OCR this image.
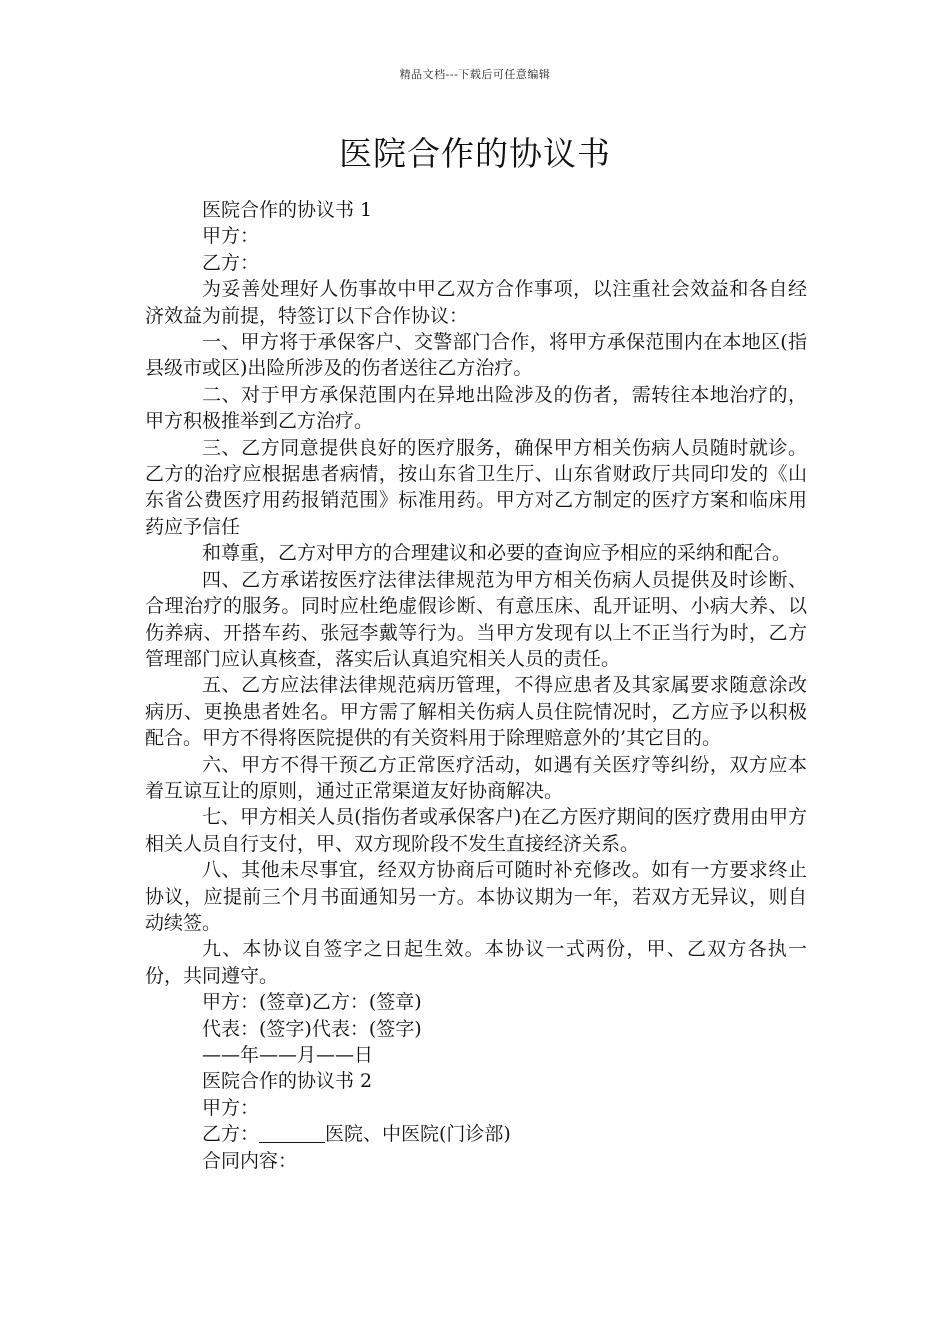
精品文档---下载后可任意编辑
医院合作的协议书

医院合作的协议书 1

甲方：

乙方：

为妥善处理好人伤事故中甲乙双方合作事项，以注重社会效益和各自经济效益为前提，特签订以下合作协议：

一、甲方将于承保客户、交警部门合作，将甲方承保范围内在本地区(指县级市或区)出险所涉及的伤者送往乙方治疗。

二、对于甲方承保范围内在异地出险涉及的伤者，需转往本地治疗的，甲方积极推举到乙方治疗。

三、乙方同意提供良好的医疗服务，确保甲方相关伤病人员随时就诊。乙方的治疗应根据患者病情，按山东省卫生厅、山东省财政厅共同印发的《山东省公费医疗用药报销范围》标准用药。甲方对乙方制定的医疗方案和临床用药应予信任

和尊重，乙方对甲方的合理建议和必要的查询应予相应的采纳和配合。

四、乙方承诺按医疗法律法律规范为甲方相关伤病人员提供及时诊断、合理治疗的服务。同时应杜绝虚假诊断、有意压床、乱开证明、小病大养、以伤养病、开搭车药、张冠李戴等行为。当甲方发现有以上不正当行为时，乙方管理部门应认真核查，落实后认真追究相关人员的责任。

五、乙方应法律法律规范病历管理，不得应患者及其家属要求随意涂改病历、更换患者姓名。甲方需了解相关伤病人员住院情况时，乙方应予以积极配合。甲方不得将医院提供的有关资料用于除理赔意外的’其它目的。

六、甲方不得干预乙方正常医疗活动，如遇有关医疗等纠纷，双方应本着互谅互让的原则，通过正常渠道友好协商解决。

七、甲方相关人员(指伤者或承保客户)在乙方医疗期间的医疗费用由甲方相关人员自行支付，甲、双方现阶段不发生直接经济关系。

八、其他未尽事宜，经双方协商后可随时补充修改。如有一方要求终止协议，应提前三个月书面通知另一方。本协议期为一年，若双方无异议，则自动续签。

九、本协议自签字之日起生效。本协议一式两份，甲、乙双方各执一份，共同遵守。

甲方：(签章)乙方：(签章)

代表：(签字)代表：(签字)

——年——月——日

医院合作的协议书 2

甲方：

乙方：	医院、中医院(门诊部)

合同内容：
